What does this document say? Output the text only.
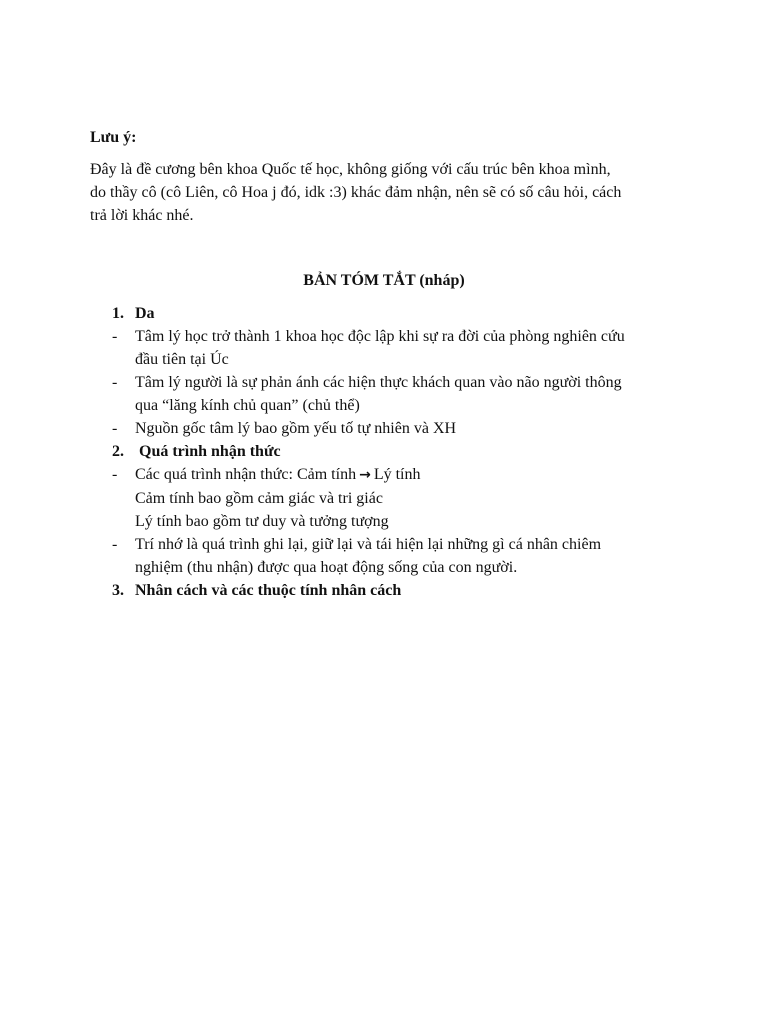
Lưu ý:
Đây là đề cương bên khoa Quốc tế học, không giống với cấu trúc bên khoa mình,
do thầy cô (cô Liên, cô Hoa j đó, idk :3) khác đảm nhận, nên sẽ có số câu hỏi, cách
trả lời khác nhé.
BẢN TÓM TẮT (nháp)
1. Da
- Tâm lý học trở thành 1 khoa học độc lập khi sự ra đời của phòng nghiên cứu
đầu tiên tại Úc
- Tâm lý người là sự phản ánh các hiện thực khách quan vào não người thông
qua “lăng kính chủ quan” (chủ thể)
- Nguồn gốc tâm lý bao gồm yếu tố tự nhiên và XH
2. Quá trình nhận thức
- Các quá trình nhận thức: Cảm tính → Lý tính
Cảm tính bao gồm cảm giác và tri giác
Lý tính bao gồm tư duy và tưởng tượng
- Trí nhớ là quá trình ghi lại, giữ lại và tái hiện lại những gì cá nhân chiêm
nghiệm (thu nhận) được qua hoạt động sống của con người.
3. Nhân cách và các thuộc tính nhân cách
